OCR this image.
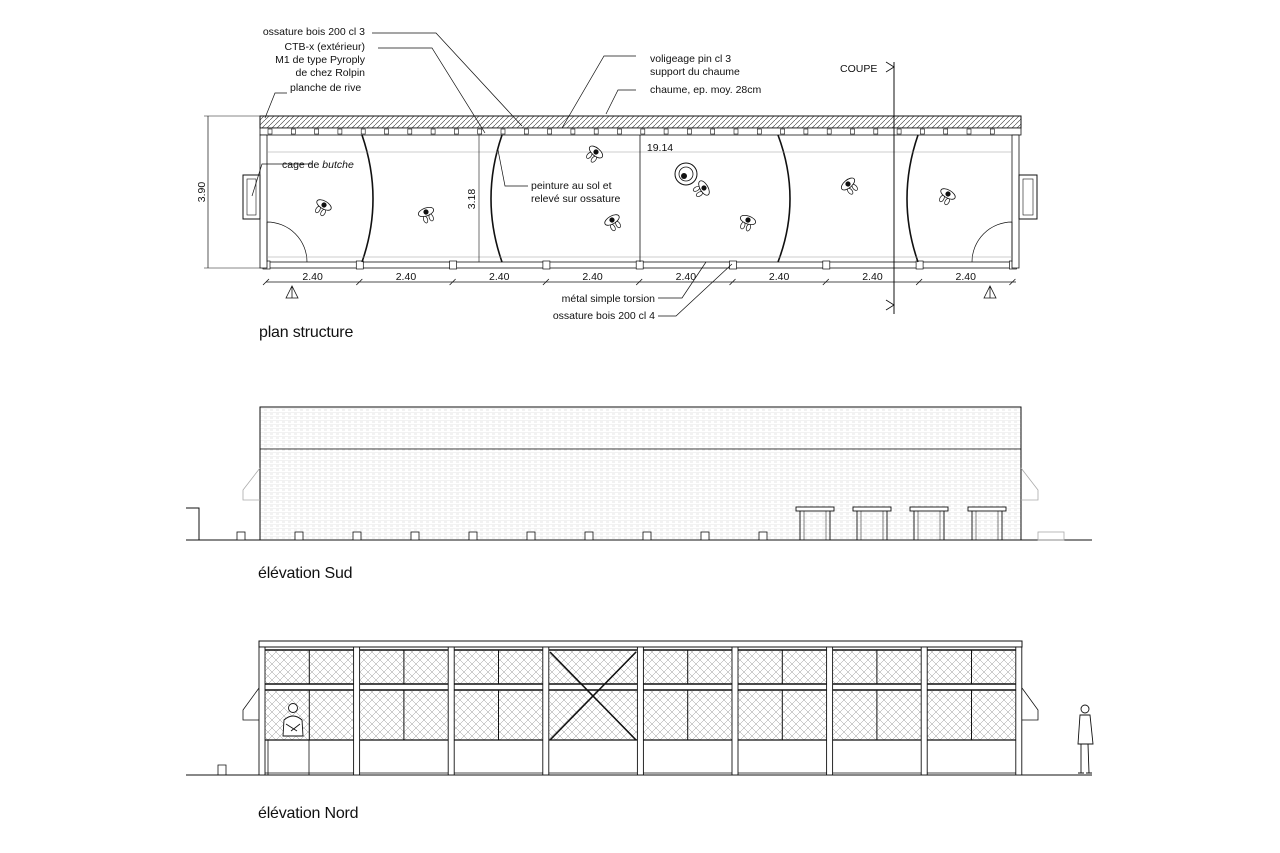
3.90	3.18
19.14
2.40	2.40	2.40	2.40	2.40	2.40	2.40	2.40
COUPE
ossature bois 200 cl 3
CTB-x (extérieur)
M1 de type Pyroply
de chez Rolpin
planche de rive
voligeage pin cl 3
support du chaume
chaume, ep. moy. 28cm
cage de butche
peinture au sol et
relevé sur ossature
métal simple torsion
ossature bois 200 cl 4
plan structure
élévation Sud
élévation Nord
